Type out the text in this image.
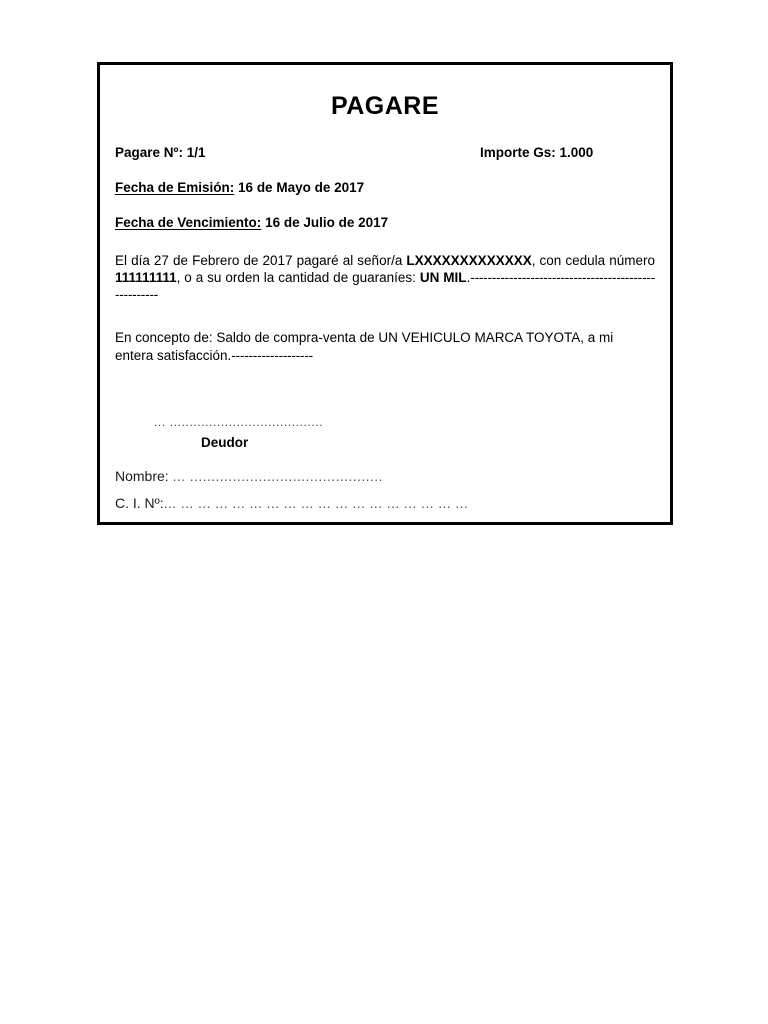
PAGARE
Pagare Nº: 1/1	Importe Gs: 1.000
Fecha de Emisión: 16 de Mayo de 2017
Fecha de Vencimiento: 16 de Julio de 2017
El día 27 de Febrero de 2017 pagaré al señor/a LXXXXXXXXXXXXX, con cedula número 111111111, o a su orden la cantidad de guaraníes: UN MIL.-----------------------------------------------------
En concepto de: Saldo de compra-venta de UN VEHICULO MARCA TOYOTA, a mi entera satisfacción.-------------------
... .......................................
Deudor
Nombre: ... .............................................
C. I. Nº:... ... ... ... ... ... ... ... ... ... ... ... ... ... ... ... ... ...
